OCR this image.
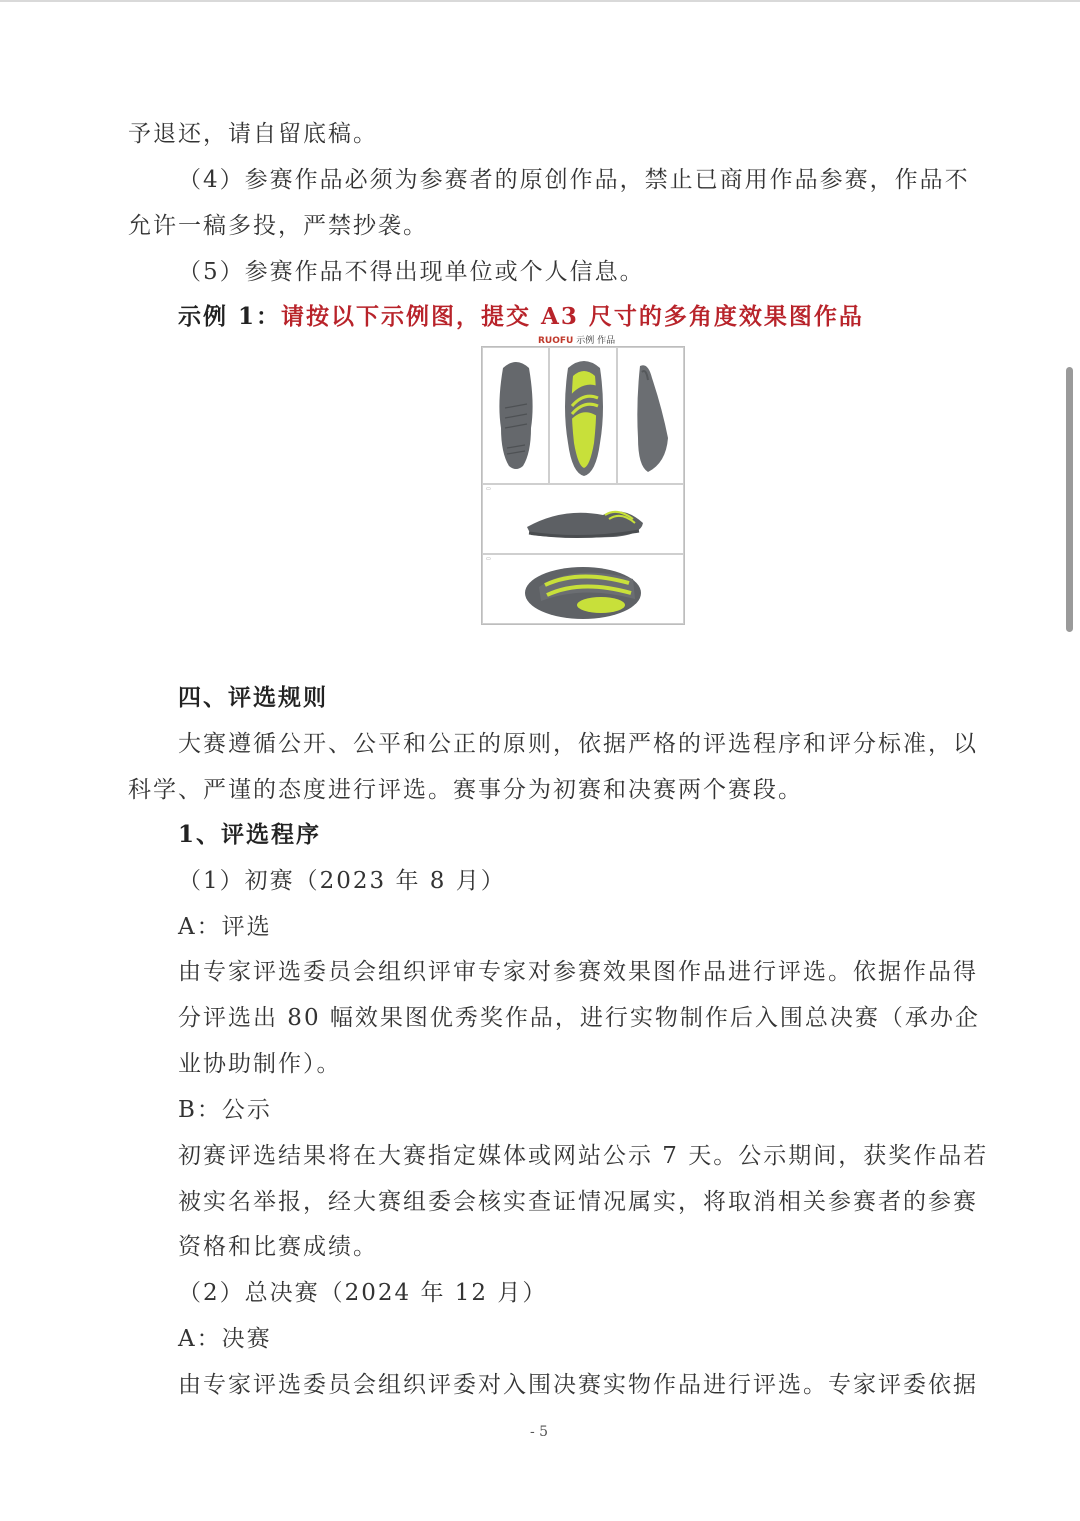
予退还，请自留底稿。
（4）参赛作品必须为参赛者的原创作品，禁止已商用作品参赛，作品不
允许一稿多投，严禁抄袭。
（5）参赛作品不得出现单位或个人信息。
示例 1：请按以下示例图，提交 A3 尺寸的多角度效果图作品
RUOFU 示例 作品
▭
▭
四、评选规则
大赛遵循公开、公平和公正的原则，依据严格的评选程序和评分标准，以
科学、严谨的态度进行评选。赛事分为初赛和决赛两个赛段。
1、评选程序
（1）初赛（2023 年 8 月）
A：评选
由专家评选委员会组织评审专家对参赛效果图作品进行评选。依据作品得
分评选出 80 幅效果图优秀奖作品，进行实物制作后入围总决赛（承办企
业协助制作）。
B：公示
初赛评选结果将在大赛指定媒体或网站公示 7 天。公示期间，获奖作品若
被实名举报，经大赛组委会核实查证情况属实，将取消相关参赛者的参赛
资格和比赛成绩。
（2）总决赛（2024 年 12 月）
A：决赛
由专家评选委员会组织评委对入围决赛实物作品进行评选。专家评委依据
- 5
